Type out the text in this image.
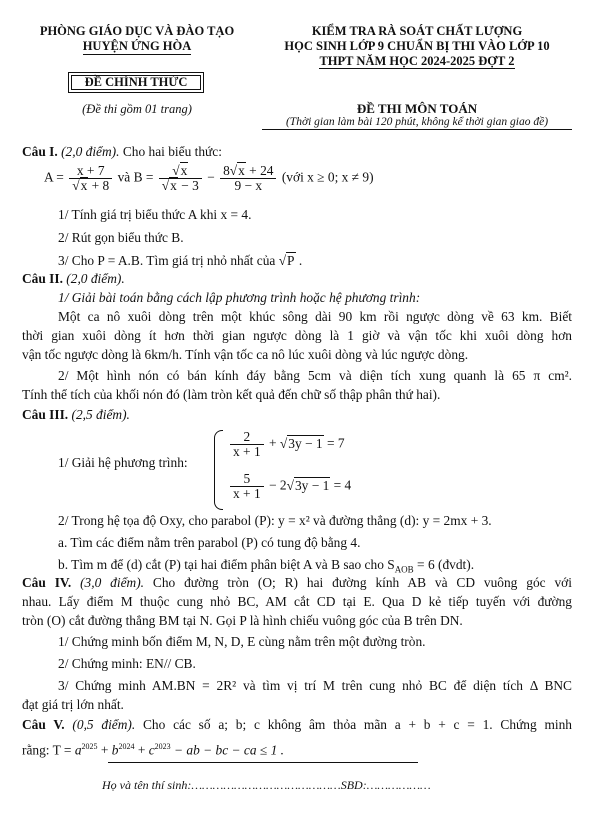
PHÒNG GIÁO DỤC VÀ ĐÀO TẠO
HUYỆN ỨNG HÒA
ĐỀ CHÍNH THỨC
(Đề thi gồm 01 trang)
KIỂM TRA RÀ SOÁT CHẤT LƯỢNG
HỌC SINH LỚP 9 CHUẨN BỊ THI VÀO LỚP 10
THPT NĂM HỌC 2024-2025 ĐỢT 2
ĐỀ THI MÔN TOÁN
(Thời gian làm bài 120 phút, không kể thời gian giao đề)
Câu I. (2,0 điểm). Cho hai biểu thức:
A = x + 7
√ x + 8 và B =
√ x
√ $x - 3 - \frac{8√ x + 24}{9 - x}$ (với x ≥ 0; x ≠ 9)
1/ Tính giá trị biểu thức A khi x = 4.
2/ Rút gọn biểu thức B.
3/ Cho P = A.B. Tìm giá trị nhỏ nhất của √ P .
Câu II. (2,0 điểm).
1/ Giải bài toán bằng cách lập phương trình hoặc hệ phương trình:
Một ca nô xuôi dòng trên một khúc sông dài 90 km rồi ngược dòng về 63 km. Biết
thời gian xuôi dòng ít hơn thời gian ngược dòng là 1 giờ và vận tốc khi xuôi dòng hơn
vận tốc ngược dòng là 6km/h. Tính vận tốc ca nô lúc xuôi dòng và lúc ngược dòng.
2/ Một hình nón có bán kính đáy bằng 5cm và diện tích xung quanh là 65 π cm².
Tính thể tích của khối nón đó (làm tròn kết quả đến chữ số thập phân thứ hai).
Câu III. (2,5 điểm).
1/ Giải hệ phương trình:
$\frac{2}{x + 1}$ + √ 3y − 1 = 7
$\frac{5}{x + 1} - 2√$ 3y − 1 = 4
2/ Trong hệ tọa độ Oxy, cho parabol (P): y = x² và đường thẳng (d): y = 2mx + 3.
a. Tìm các điểm nằm trên parabol (P) có tung độ bằng 4.
b. Tìm m để (d) cắt (P) tại hai điểm phân biệt A và B sao cho $S_{AOB} = 6$ (đvdt).
Câu IV. (3,0 điểm). Cho đường tròn (O; R) hai đường kính AB và CD vuông góc với
nhau. Lấy điểm M thuộc cung nhỏ BC, AM cắt CD tại E. Qua D kẻ tiếp tuyến với đường
tròn (O) cắt đường thẳng BM tại N. Gọi P là hình chiếu vuông góc của B trên DN.
1/ Chứng minh bốn điểm M, N, D, E cùng nằm trên một đường tròn.
2/ Chứng minh: EN// CB.
3/ Chứng minh AM.BN = 2R² và tìm vị trí M trên cung nhỏ BC để diện tích Δ BNC
đạt giá trị lớn nhất.
Câu V. (0,5 điểm). Cho các số a; b; c không âm thỏa mãn a + b + c = 1. Chứng minh
rằng: $T = a^{2025} + b^{2024} + c^{2023}$ − ab − bc − ca ≤ 1 .
Họ và tên thí sinh:……………………………………SBD:………………
